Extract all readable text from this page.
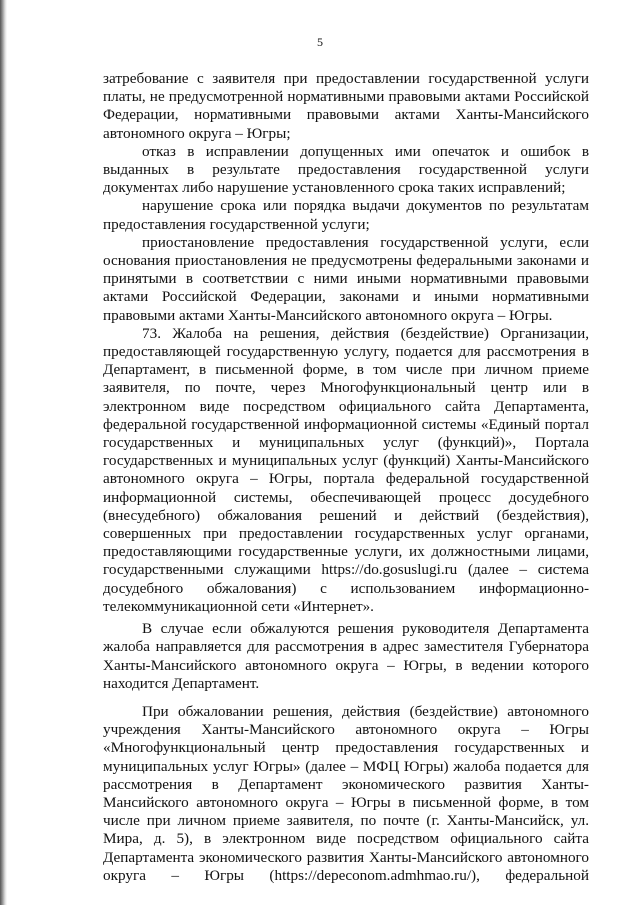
5

затребование с заявителя при предоставлении государственной услуги платы, не предусмотренной нормативными правовыми актами Российской Федерации, нормативными правовыми актами Ханты-Мансийского автономного округа – Югры;

отказ в исправлении допущенных ими опечаток и ошибок в выданных в результате предоставления государственной услуги документах либо нарушение установленного срока таких исправлений;

нарушение срока или порядка выдачи документов по результатам предоставления государственной услуги;

приостановление предоставления государственной услуги, если основания приостановления не предусмотрены федеральными законами и принятыми в соответствии с ними иными нормативными правовыми актами Российской Федерации, законами и иными нормативными правовыми актами Ханты-Мансийского автономного округа – Югры.

73. Жалоба на решения, действия (бездействие) Организации, предоставляющей государственную услугу, подается для рассмотрения в Департамент, в письменной форме, в том числе при личном приеме заявителя, по почте, через Многофункциональный центр или в электронном виде посредством официального сайта Департамента, федеральной государственной информационной системы «Единый портал государственных и муниципальных услуг (функций)», Портала государственных и муниципальных услуг (функций) Ханты-Мансийского автономного округа – Югры, портала федеральной государственной информационной системы, обеспечивающей процесс досудебного (внесудебного) обжалования решений и действий (бездействия), совершенных при предоставлении государственных услуг органами, предоставляющими государственные услуги, их должностными лицами, государственными служащими https://do.gosuslugi.ru (далее – система досудебного обжалования) с использованием информационно-телекоммуникационной сети «Интернет».

В случае если обжалуются решения руководителя Департамента жалоба направляется для рассмотрения в адрес заместителя Губернатора Ханты-Мансийского автономного округа – Югры, в ведении которого находится Департамент.

При обжаловании решения, действия (бездействие) автономного учреждения Ханты-Мансийского автономного округа – Югры «Многофункциональный центр предоставления государственных и муниципальных услуг Югры» (далее – МФЦ Югры) жалоба подается для рассмотрения в Департамент экономического развития Ханты-Мансийского автономного округа – Югры в письменной форме, в том числе при личном приеме заявителя, по почте (г. Ханты-Мансийск, ул. Мира, д. 5), в электронном виде посредством официального сайта Департамента экономического развития Ханты-Мансийского автономного округа – Югры (https://depeconom.admhmao.ru/), федеральной
